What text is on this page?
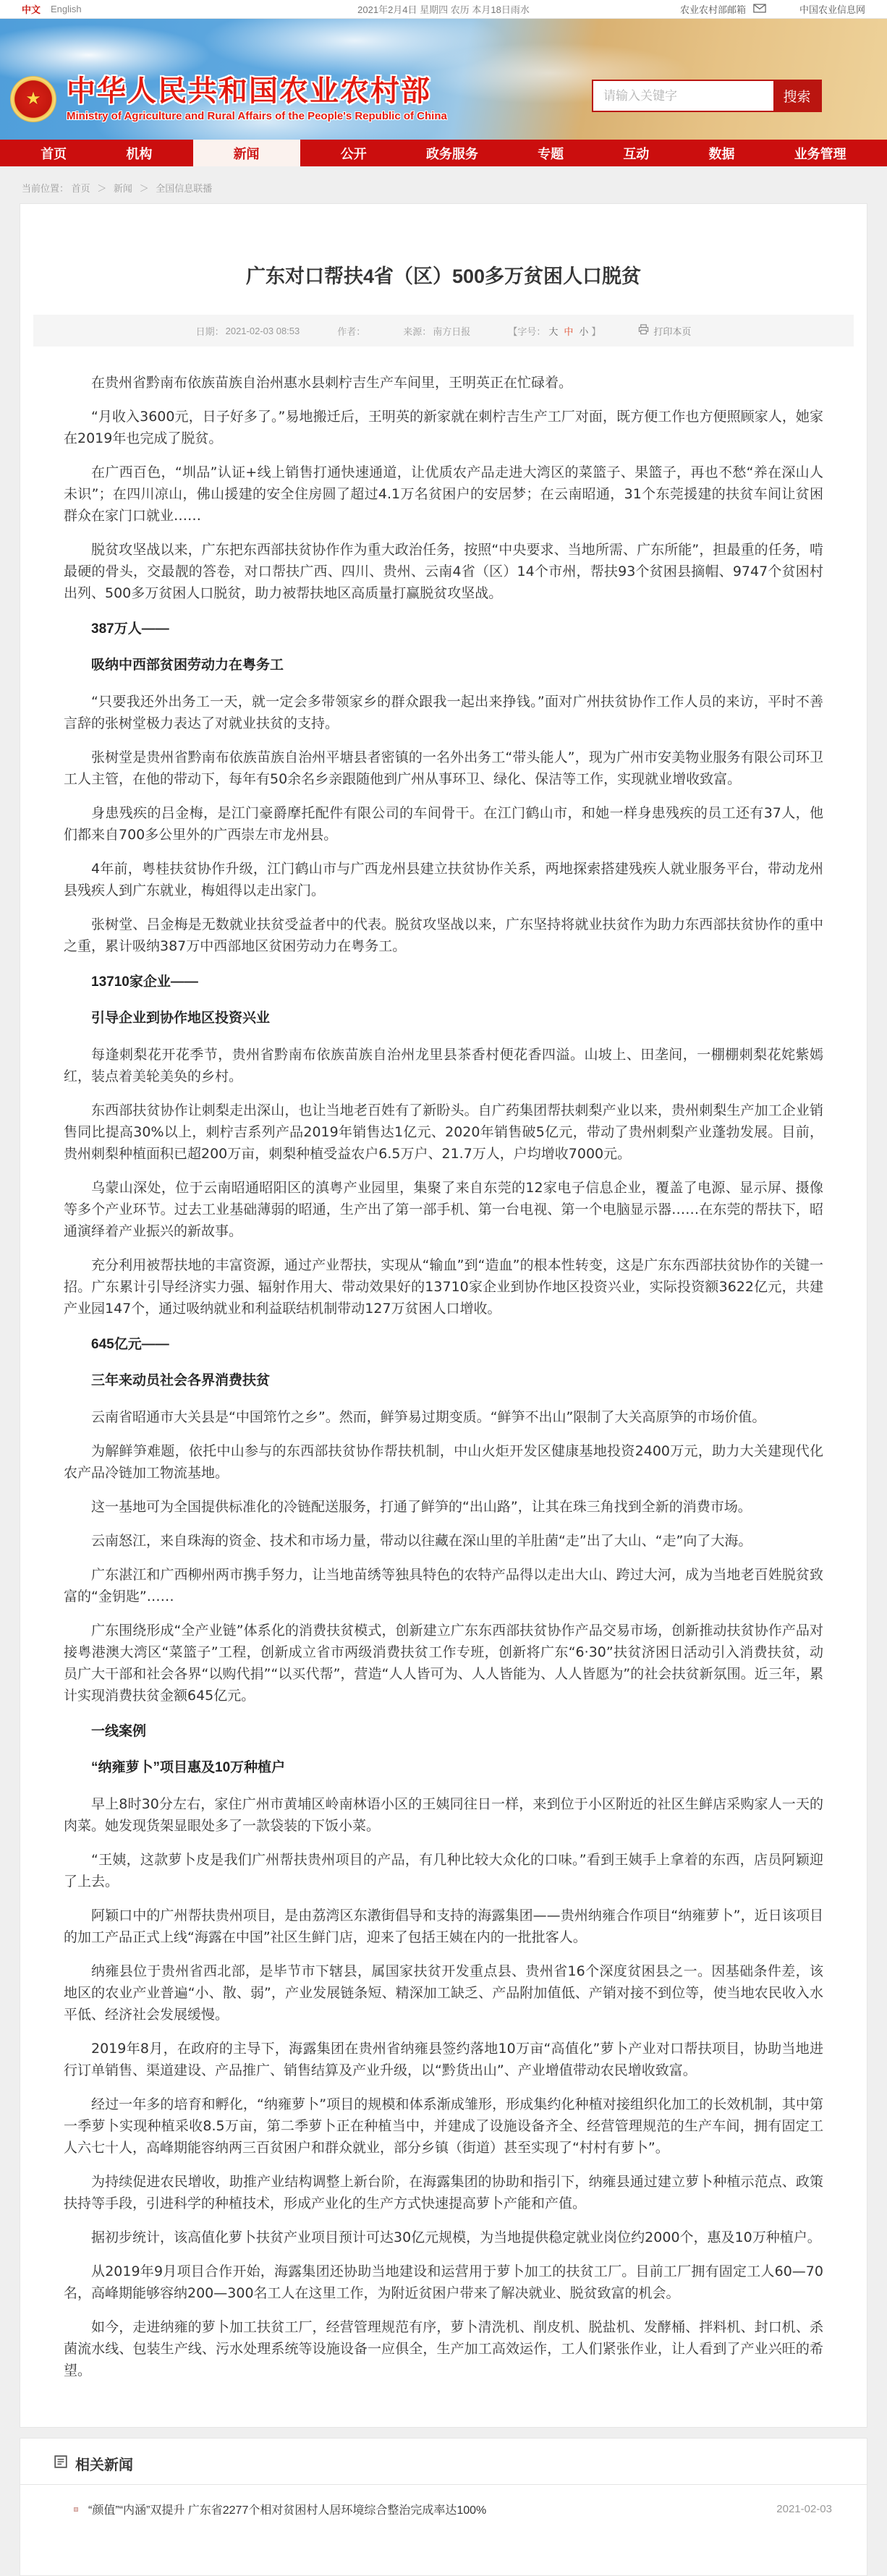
中文 English	2021年2月4日 星期四 农历 本月18日雨水	农业农村部邮箱	中国农业信息网
★ 中华人民共和国农业农村部
Ministry of Agriculture and Rural Affairs of the People's Republic of China
请输入关键字
搜索
首页	机构	新闻	公开	政务服务	专题	互动	数据	业务管理
当前位置： 首页 ＞ 新闻 ＞ 全国信息联播
广东对口帮扶4省（区）500多万贫困人口脱贫
日期： 2021-02-03 08:53	作者：	来源： 南方日报	【字号： 大 中 小 】	打印本页

在贵州省黔南布依族苗族自治州惠水县刺柠吉生产车间里，王明英正在忙碌着。

“月收入3600元，日子好多了。”易地搬迁后，王明英的新家就在刺柠吉生产工厂对面，既方便工作也方便照顾家人，她家在2019年也完成了脱贫。

在广西百色，“圳品”认证+线上销售打通快速通道，让优质农产品走进大湾区的菜篮子、果篮子，再也不愁“养在深山人未识”；在四川凉山，佛山援建的安全住房圆了超过4.1万名贫困户的安居梦；在云南昭通，31个东莞援建的扶贫车间让贫困群众在家门口就业……

脱贫攻坚战以来，广东把东西部扶贫协作作为重大政治任务，按照“中央要求、当地所需、广东所能”，担最重的任务，啃最硬的骨头，交最靓的答卷，对口帮扶广西、四川、贵州、云南4省（区）14个市州，帮扶93个贫困县摘帽、9747个贫困村出列、500多万贫困人口脱贫，助力被帮扶地区高质量打赢脱贫攻坚战。

387万人——

吸纳中西部贫困劳动力在粤务工

“只要我还外出务工一天，就一定会多带领家乡的群众跟我一起出来挣钱。”面对广州扶贫协作工作人员的来访，平时不善言辞的张树堂极力表达了对就业扶贫的支持。

张树堂是贵州省黔南布依族苗族自治州平塘县者密镇的一名外出务工“带头能人”，现为广州市安美物业服务有限公司环卫工人主管，在他的带动下，每年有50余名乡亲跟随他到广州从事环卫、绿化、保洁等工作，实现就业增收致富。

身患残疾的吕金梅，是江门豪爵摩托配件有限公司的车间骨干。在江门鹤山市，和她一样身患残疾的员工还有37人，他们都来自700多公里外的广西崇左市龙州县。

4年前，粤桂扶贫协作升级，江门鹤山市与广西龙州县建立扶贫协作关系，两地探索搭建残疾人就业服务平台，带动龙州县残疾人到广东就业，梅姐得以走出家门。

张树堂、吕金梅是无数就业扶贫受益者中的代表。脱贫攻坚战以来，广东坚持将就业扶贫作为助力东西部扶贫协作的重中之重，累计吸纳387万中西部地区贫困劳动力在粤务工。

13710家企业——

引导企业到协作地区投资兴业

每逢刺梨花开花季节，贵州省黔南布依族苗族自治州龙里县茶香村便花香四溢。山坡上、田垄间，一棚棚刺梨花姹紫嫣红，装点着美轮美奂的乡村。

东西部扶贫协作让刺梨走出深山，也让当地老百姓有了新盼头。自广药集团帮扶刺梨产业以来，贵州刺梨生产加工企业销售同比提高30%以上，刺柠吉系列产品2019年销售达1亿元、2020年销售破5亿元，带动了贵州刺梨产业蓬勃发展。目前，贵州刺梨种植面积已超200万亩，刺梨种植受益农户6.5万户、21.7万人，户均增收7000元。

乌蒙山深处，位于云南昭通昭阳区的滇粤产业园里，集聚了来自东莞的12家电子信息企业，覆盖了电源、显示屏、摄像等多个产业环节。过去工业基础薄弱的昭通，生产出了第一部手机、第一台电视、第一个电脑显示器……在东莞的帮扶下，昭通演绎着产业振兴的新故事。

充分利用被帮扶地的丰富资源，通过产业帮扶，实现从“输血”到“造血”的根本性转变，这是广东东西部扶贫协作的关键一招。广东累计引导经济实力强、辐射作用大、带动效果好的13710家企业到协作地区投资兴业，实际投资额3622亿元，共建产业园147个，通过吸纳就业和利益联结机制带动127万贫困人口增收。

645亿元——

三年来动员社会各界消费扶贫

云南省昭通市大关县是“中国筇竹之乡”。然而，鲜笋易过期变质。“鲜笋不出山”限制了大关高原笋的市场价值。

为解鲜笋难题，依托中山参与的东西部扶贫协作帮扶机制，中山火炬开发区健康基地投资2400万元，助力大关建现代化农产品冷链加工物流基地。

这一基地可为全国提供标准化的冷链配送服务，打通了鲜笋的“出山路”，让其在珠三角找到全新的消费市场。

云南怒江，来自珠海的资金、技术和市场力量，带动以往藏在深山里的羊肚菌“走”出了大山、“走”向了大海。

广东湛江和广西柳州两市携手努力，让当地苗绣等独具特色的农特产品得以走出大山、跨过大河，成为当地老百姓脱贫致富的“金钥匙”……

广东围绕形成“全产业链”体系化的消费扶贫模式，创新建立广东东西部扶贫协作产品交易市场，创新推动扶贫协作产品对接粤港澳大湾区“菜篮子”工程，创新成立省市两级消费扶贫工作专班，创新将广东“6·30”扶贫济困日活动引入消费扶贫，动员广大干部和社会各界“以购代捐”“以买代帮”，营造“人人皆可为、人人皆能为、人人皆愿为”的社会扶贫新氛围。近三年，累计实现消费扶贫金额645亿元。

一线案例

“纳雍萝卜”项目惠及10万种植户

早上8时30分左右，家住广州市黄埔区岭南林语小区的王姨同往日一样，来到位于小区附近的社区生鲜店采购家人一天的肉菜。她发现货架显眼处多了一款袋装的下饭小菜。

“王姨，这款萝卜皮是我们广州帮扶贵州项目的产品，有几种比较大众化的口味。”看到王姨手上拿着的东西，店员阿颖迎了上去。

阿颖口中的广州帮扶贵州项目，是由荔湾区东漖街倡导和支持的海露集团——贵州纳雍合作项目“纳雍萝卜”，近日该项目的加工产品正式上线“海露在中国”社区生鲜门店，迎来了包括王姨在内的一批批客人。

纳雍县位于贵州省西北部，是毕节市下辖县，属国家扶贫开发重点县、贵州省16个深度贫困县之一。因基础条件差，该地区的农业产业普遍“小、散、弱”，产业发展链条短、精深加工缺乏、产品附加值低、产销对接不到位等，使当地农民收入水平低、经济社会发展缓慢。

2019年8月，在政府的主导下，海露集团在贵州省纳雍县签约落地10万亩“高值化”萝卜产业对口帮扶项目，协助当地进行订单销售、渠道建设、产品推广、销售结算及产业升级，以“黔货出山”、产业增值带动农民增收致富。

经过一年多的培育和孵化，“纳雍萝卜”项目的规模和体系渐成雏形，形成集约化种植对接组织化加工的长效机制，其中第一季萝卜实现种植采收8.5万亩，第二季萝卜正在种植当中，并建成了设施设备齐全、经营管理规范的生产车间，拥有固定工人六七十人，高峰期能容纳两三百贫困户和群众就业，部分乡镇（街道）甚至实现了“村村有萝卜”。

为持续促进农民增收，助推产业结构调整上新台阶，在海露集团的协助和指引下，纳雍县通过建立萝卜种植示范点、政策扶持等手段，引进科学的种植技术，形成产业化的生产方式快速提高萝卜产能和产值。

据初步统计，该高值化萝卜扶贫产业项目预计可达30亿元规模，为当地提供稳定就业岗位约2000个，惠及10万种植户。

从2019年9月项目合作开始，海露集团还协助当地建设和运营用于萝卜加工的扶贫工厂。目前工厂拥有固定工人60—70名，高峰期能够容纳200—300名工人在这里工作，为附近贫困户带来了解决就业、脱贫致富的机会。

如今，走进纳雍的萝卜加工扶贫工厂，经营管理规范有序，萝卜清洗机、削皮机、脱盐机、发酵桶、拌料机、封口机、杀菌流水线、包装生产线、污水处理系统等设施设备一应俱全，生产加工高效运作，工人们紧张作业，让人看到了产业兴旺的希望。

相关新闻
“颜值”“内涵”双提升 广东省2277个相对贫困村人居环境综合整治完成率达100%	2021-02-03
